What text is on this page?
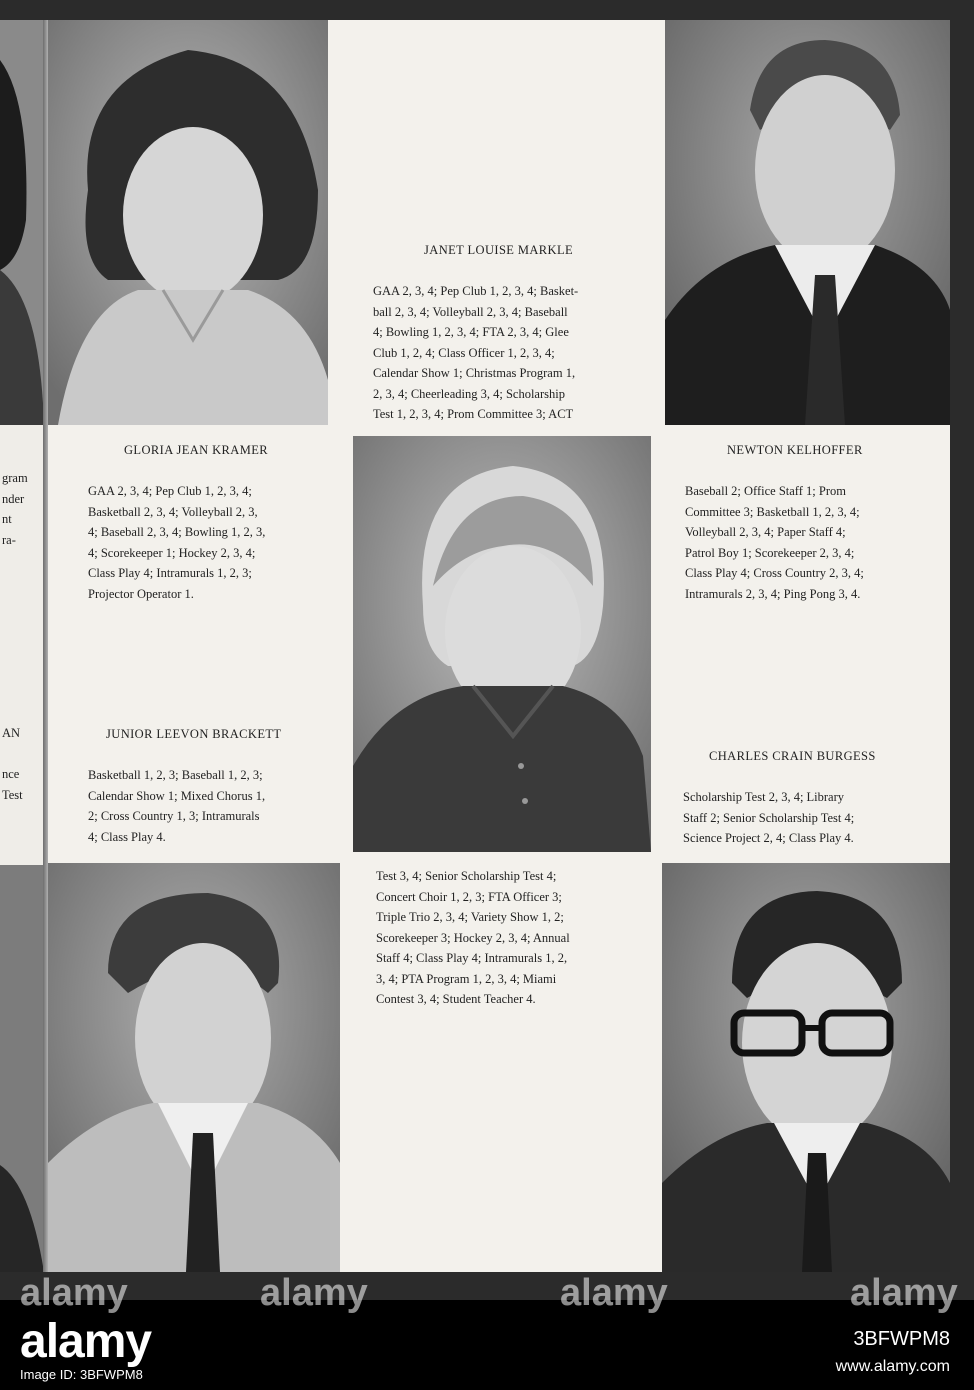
gram
nder
nt
ra-
AN
nce
Test
JANET LOUISE MARKLE
GAA 2, 3, 4; Pep Club 1, 2, 3, 4; Basket-
ball 2, 3, 4; Volleyball 2, 3, 4; Baseball
4; Bowling 1, 2, 3, 4; FTA 2, 3, 4; Glee
Club 1, 2, 4; Class Officer 1, 2, 3, 4;
Calendar Show 1; Christmas Program 1,
2, 3, 4; Cheerleading 3, 4; Scholarship
Test 1, 2, 3, 4; Prom Committee 3; ACT
GLORIA JEAN KRAMER
GAA 2, 3, 4; Pep Club 1, 2, 3, 4;
Basketball 2, 3, 4; Volleyball 2, 3,
4; Baseball 2, 3, 4; Bowling 1, 2, 3,
4; Scorekeeper 1; Hockey 2, 3, 4;
Class Play 4; Intramurals 1, 2, 3;
Projector Operator 1.
NEWTON KELHOFFER
Baseball 2; Office Staff 1; Prom
Committee 3; Basketball 1, 2, 3, 4;
Volleyball 2, 3, 4; Paper Staff 4;
Patrol Boy 1; Scorekeeper 2, 3, 4;
Class Play 4; Cross Country 2, 3, 4;
Intramurals 2, 3, 4; Ping Pong 3, 4.
JUNIOR LEEVON BRACKETT
Basketball 1, 2, 3; Baseball 1, 2, 3;
Calendar Show 1; Mixed Chorus 1,
2; Cross Country 1, 3; Intramurals
4; Class Play 4.
CHARLES CRAIN BURGESS
Scholarship Test 2, 3, 4; Library
Staff 2; Senior Scholarship Test 4;
Science Project 2, 4; Class Play 4.
Test 3, 4; Senior Scholarship Test 4;
Concert Choir 1, 2, 3; FTA Officer 3;
Triple Trio 2, 3, 4; Variety Show 1, 2;
Scorekeeper 3; Hockey 2, 3, 4; Annual
Staff 4; Class Play 4; Intramurals 1, 2,
3, 4; PTA Program 1, 2, 3, 4; Miami
Contest 3, 4; Student Teacher 4.
alamy
Image ID: 3BFWPM8
3BFWPM8
www.alamy.com
alamy	alamy	alamy	alamy
